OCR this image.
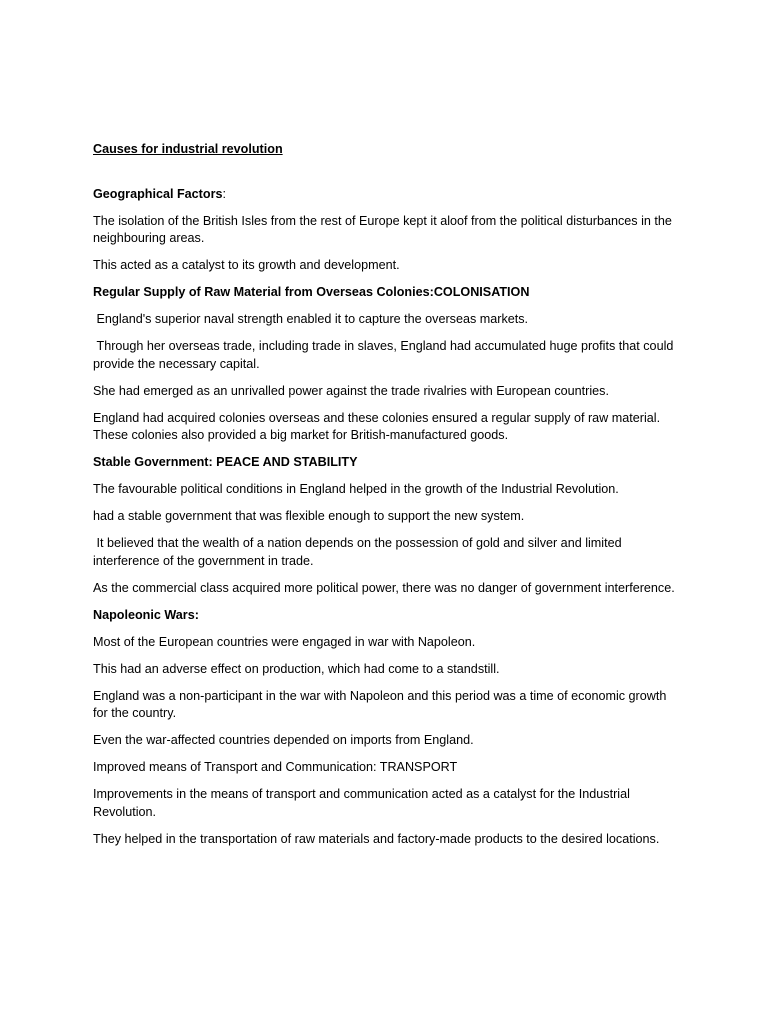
Causes for industrial revolution

Geographical Factors:

The isolation of the British Isles from the rest of Europe kept it aloof from the political disturbances in the neighbouring areas.

This acted as a catalyst to its growth and development.

Regular Supply of Raw Material from Overseas Colonies:COLONISATION

England's superior naval strength enabled it to capture the overseas markets.

Through her overseas trade, including trade in slaves, England had accumulated huge profits that could provide the necessary capital.

She had emerged as an unrivalled power against the trade rivalries with European countries.

England had acquired colonies overseas and these colonies ensured a regular supply of raw material. These colonies also provided a big market for British-manufactured goods.

Stable Government: PEACE AND STABILITY

The favourable political conditions in England helped in the growth of the Industrial Revolution.

had a stable government that was flexible enough to support the new system.

It believed that the wealth of a nation depends on the possession of gold and silver and limited interference of the government in trade.

As the commercial class acquired more political power, there was no danger of government interference.

Napoleonic Wars:

Most of the European countries were engaged in war with Napoleon.

This had an adverse effect on production, which had come to a standstill.

England was a non-participant in the war with Napoleon and this period was a time of economic growth for the country.

Even the war-affected countries depended on imports from England.

Improved means of Transport and Communication: TRANSPORT

Improvements in the means of transport and communication acted as a catalyst for the Industrial Revolution.

They helped in the transportation of raw materials and factory-made products to the desired locations.
